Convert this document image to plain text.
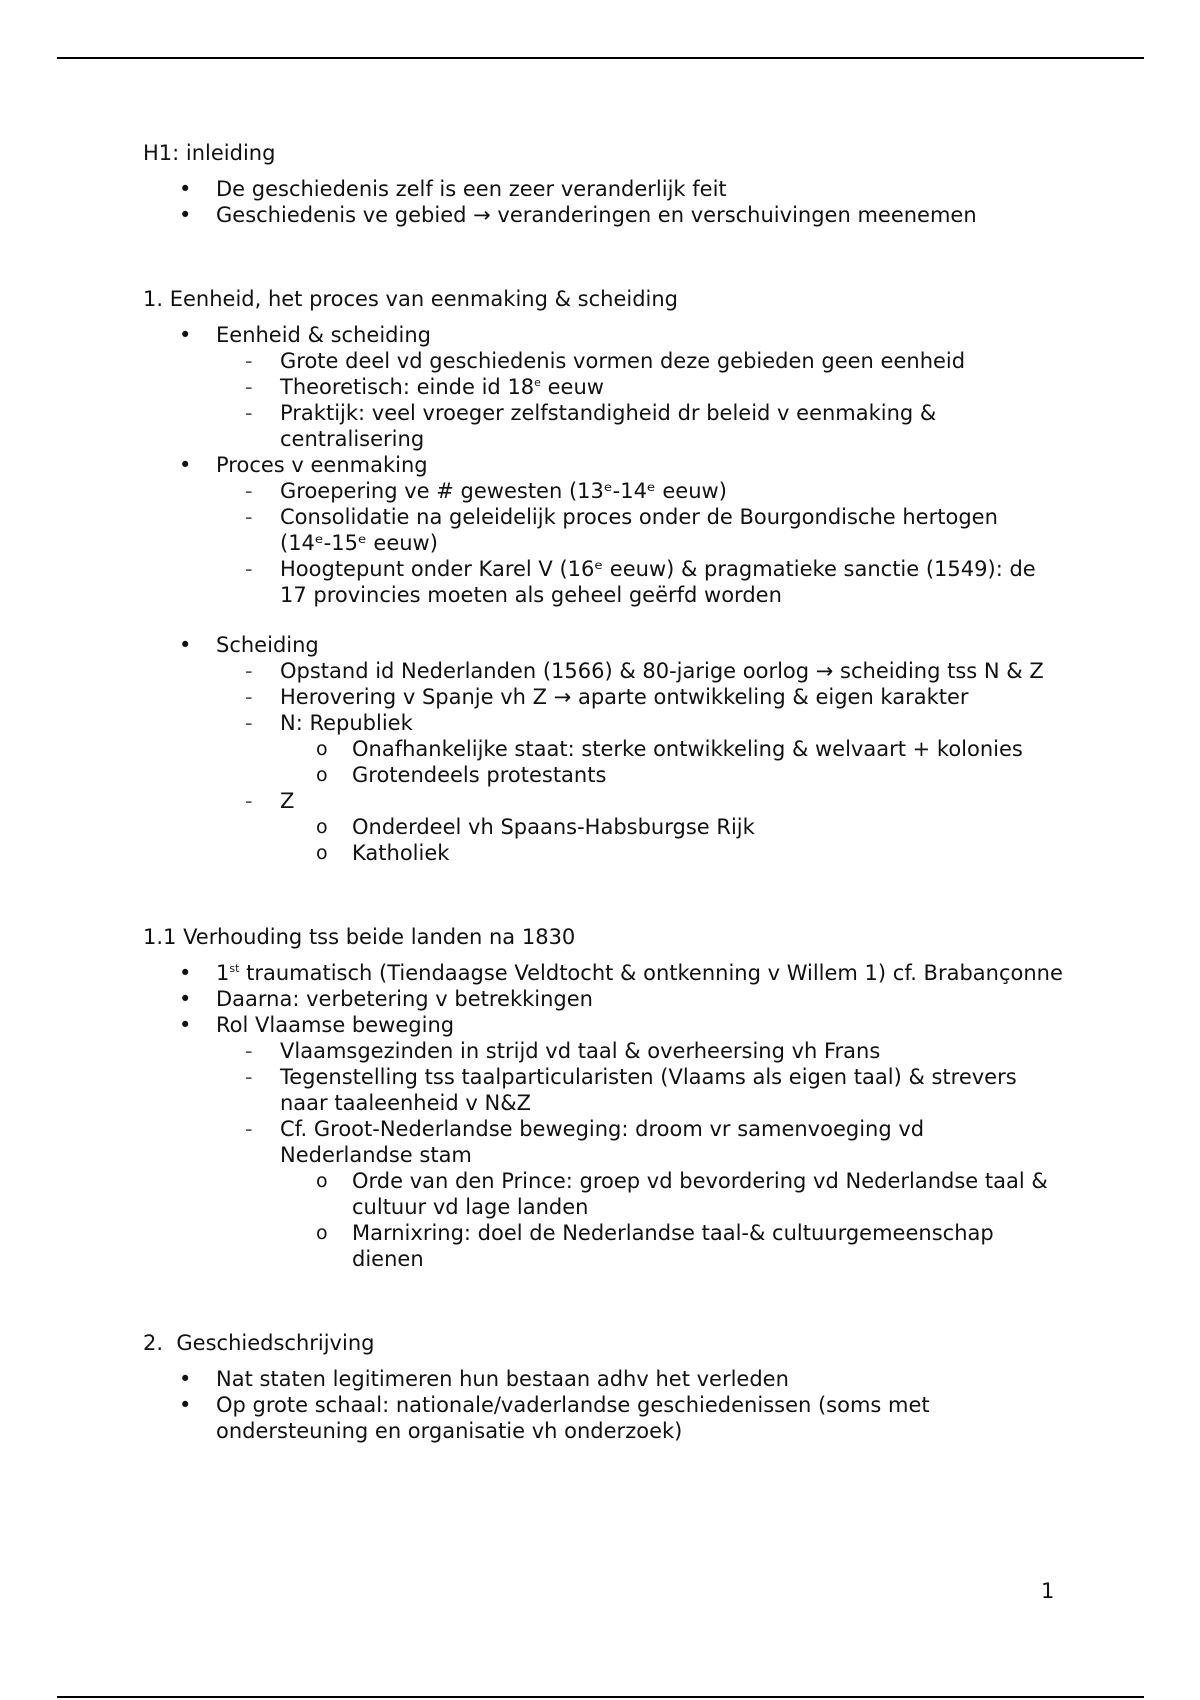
H1: inleiding

• De geschiedenis zelf is een zeer veranderlijk feit
• Geschiedenis ve gebied → veranderingen en verschuivingen meenemen

1. Eenheid, het proces van eenmaking & scheiding

• Eenheid & scheiding
- Grote deel vd geschiedenis vormen deze gebieden geen eenheid
- Theoretisch: einde id 18e eeuw
- Praktijk: veel vroeger zelfstandigheid dr beleid v eenmaking & centralisering
• Proces v eenmaking
- Groepering ve # gewesten (13ᵉ-14ᵉ eeuw)
- Consolidatie na geleidelijk proces onder de Bourgondische hertogen (14ᵉ-15ᵉ eeuw)
- Hoogtepunt onder Karel V (16ᵉ eeuw) & pragmatieke sanctie (1549): de 17 provincies moeten als geheel geërfd worden
• Scheiding
- Opstand id Nederlanden (1566) & 80-jarige oorlog → scheiding tss N & Z
- Herovering v Spanje vh Z → aparte ontwikkeling & eigen karakter
- N: Republiek
o Onafhankelijke staat: sterke ontwikkeling & welvaart + kolonies
o Grotendeels protestants
- Z
o Onderdeel vh Spaans-Habsburgse Rijk
o Katholiek

1.1 Verhouding tss beide landen na 1830

• 1st traumatisch (Tiendaagse Veldtocht & ontkenning v Willem 1) cf. Brabançonne
• Daarna: verbetering v betrekkingen
• Rol Vlaamse beweging
- Vlaamsgezinden in strijd vd taal & overheersing vh Frans
- Tegenstelling tss taalparticularisten (Vlaams als eigen taal) & strevers naar taaleenheid v N&Z
- Cf. Groot-Nederlandse beweging: droom vr samenvoeging vd Nederlandse stam
o Orde van den Prince: groep vd bevordering vd Nederlandse taal & cultuur vd lage landen
o Marnixring: doel de Nederlandse taal-& cultuurgemeenschap dienen

2.  Geschiedschrijving

• Nat staten legitimeren hun bestaan adhv het verleden
• Op grote schaal: nationale/vaderlandse geschiedenissen (soms met ondersteuning en organisatie vh onderzoek)
1
